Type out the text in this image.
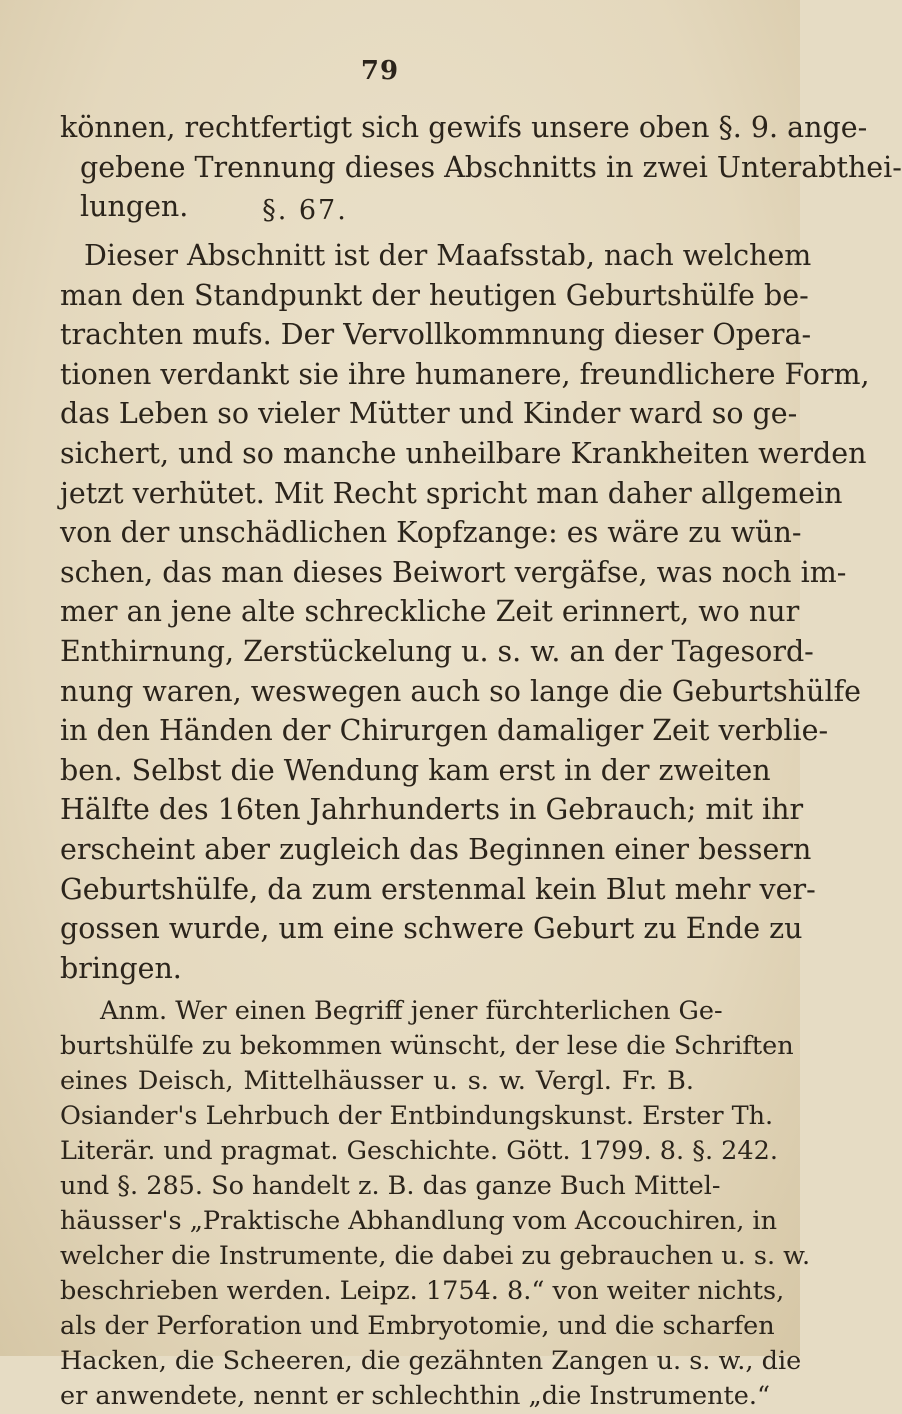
79
können, rechtfertigt sich gewifs unsere oben §. 9. ange-
gebene Trennung dieses Abschnitts in zwei Unterabthei-
lungen.	§. 67.
Dieser Abschnitt ist der Maafsstab, nach welchem
man den Standpunkt der heutigen Geburtshülfe be-
trachten mufs. Der Vervollkommnung dieser Opera-
tionen verdankt sie ihre humanere, freundlichere Form,
das Leben so vieler Mütter und Kinder ward so ge-
sichert, und so manche unheilbare Krankheiten werden
jetzt verhütet. Mit Recht spricht man daher allgemein
von der unschädlichen Kopfzange: es wäre zu wün-
schen, das man dieses Beiwort vergäfse, was noch im-
mer an jene alte schreckliche Zeit erinnert, wo nur
Enthirnung, Zerstückelung u. s. w. an der Tagesord-
nung waren, weswegen auch so lange die Geburtshülfe
in den Händen der Chirurgen damaliger Zeit verblie-
ben. Selbst die Wendung kam erst in der zweiten
Hälfte des 16ten Jahrhunderts in Gebrauch; mit ihr
erscheint aber zugleich das Beginnen einer bessern
Geburtshülfe, da zum erstenmal kein Blut mehr ver-
gossen wurde, um eine schwere Geburt zu Ende zu
bringen.
Anm. Wer einen Begriff jener fürchterlichen Ge-
burtshülfe zu bekommen wünscht, der lese die Schriften
eines Deisch, Mittelhäusser u. s. w. Vergl. Fr. B.
Osiander's Lehrbuch der Entbindungskunst. Erster Th.
Literär. und pragmat. Geschichte. Gött. 1799. 8. §. 242.
und §. 285. So handelt z. B. das ganze Buch Mittel-
häusser's „Praktische Abhandlung vom Accouchiren, in
welcher die Instrumente, die dabei zu gebrauchen u. s. w.
beschrieben werden. Leipz. 1754. 8.“ von weiter nichts,
als der Perforation und Embryotomie, und die scharfen
Hacken, die Scheeren, die gezähnten Zangen u. s. w., die
er anwendete, nennt er schlechthin „die Instrumente.“
